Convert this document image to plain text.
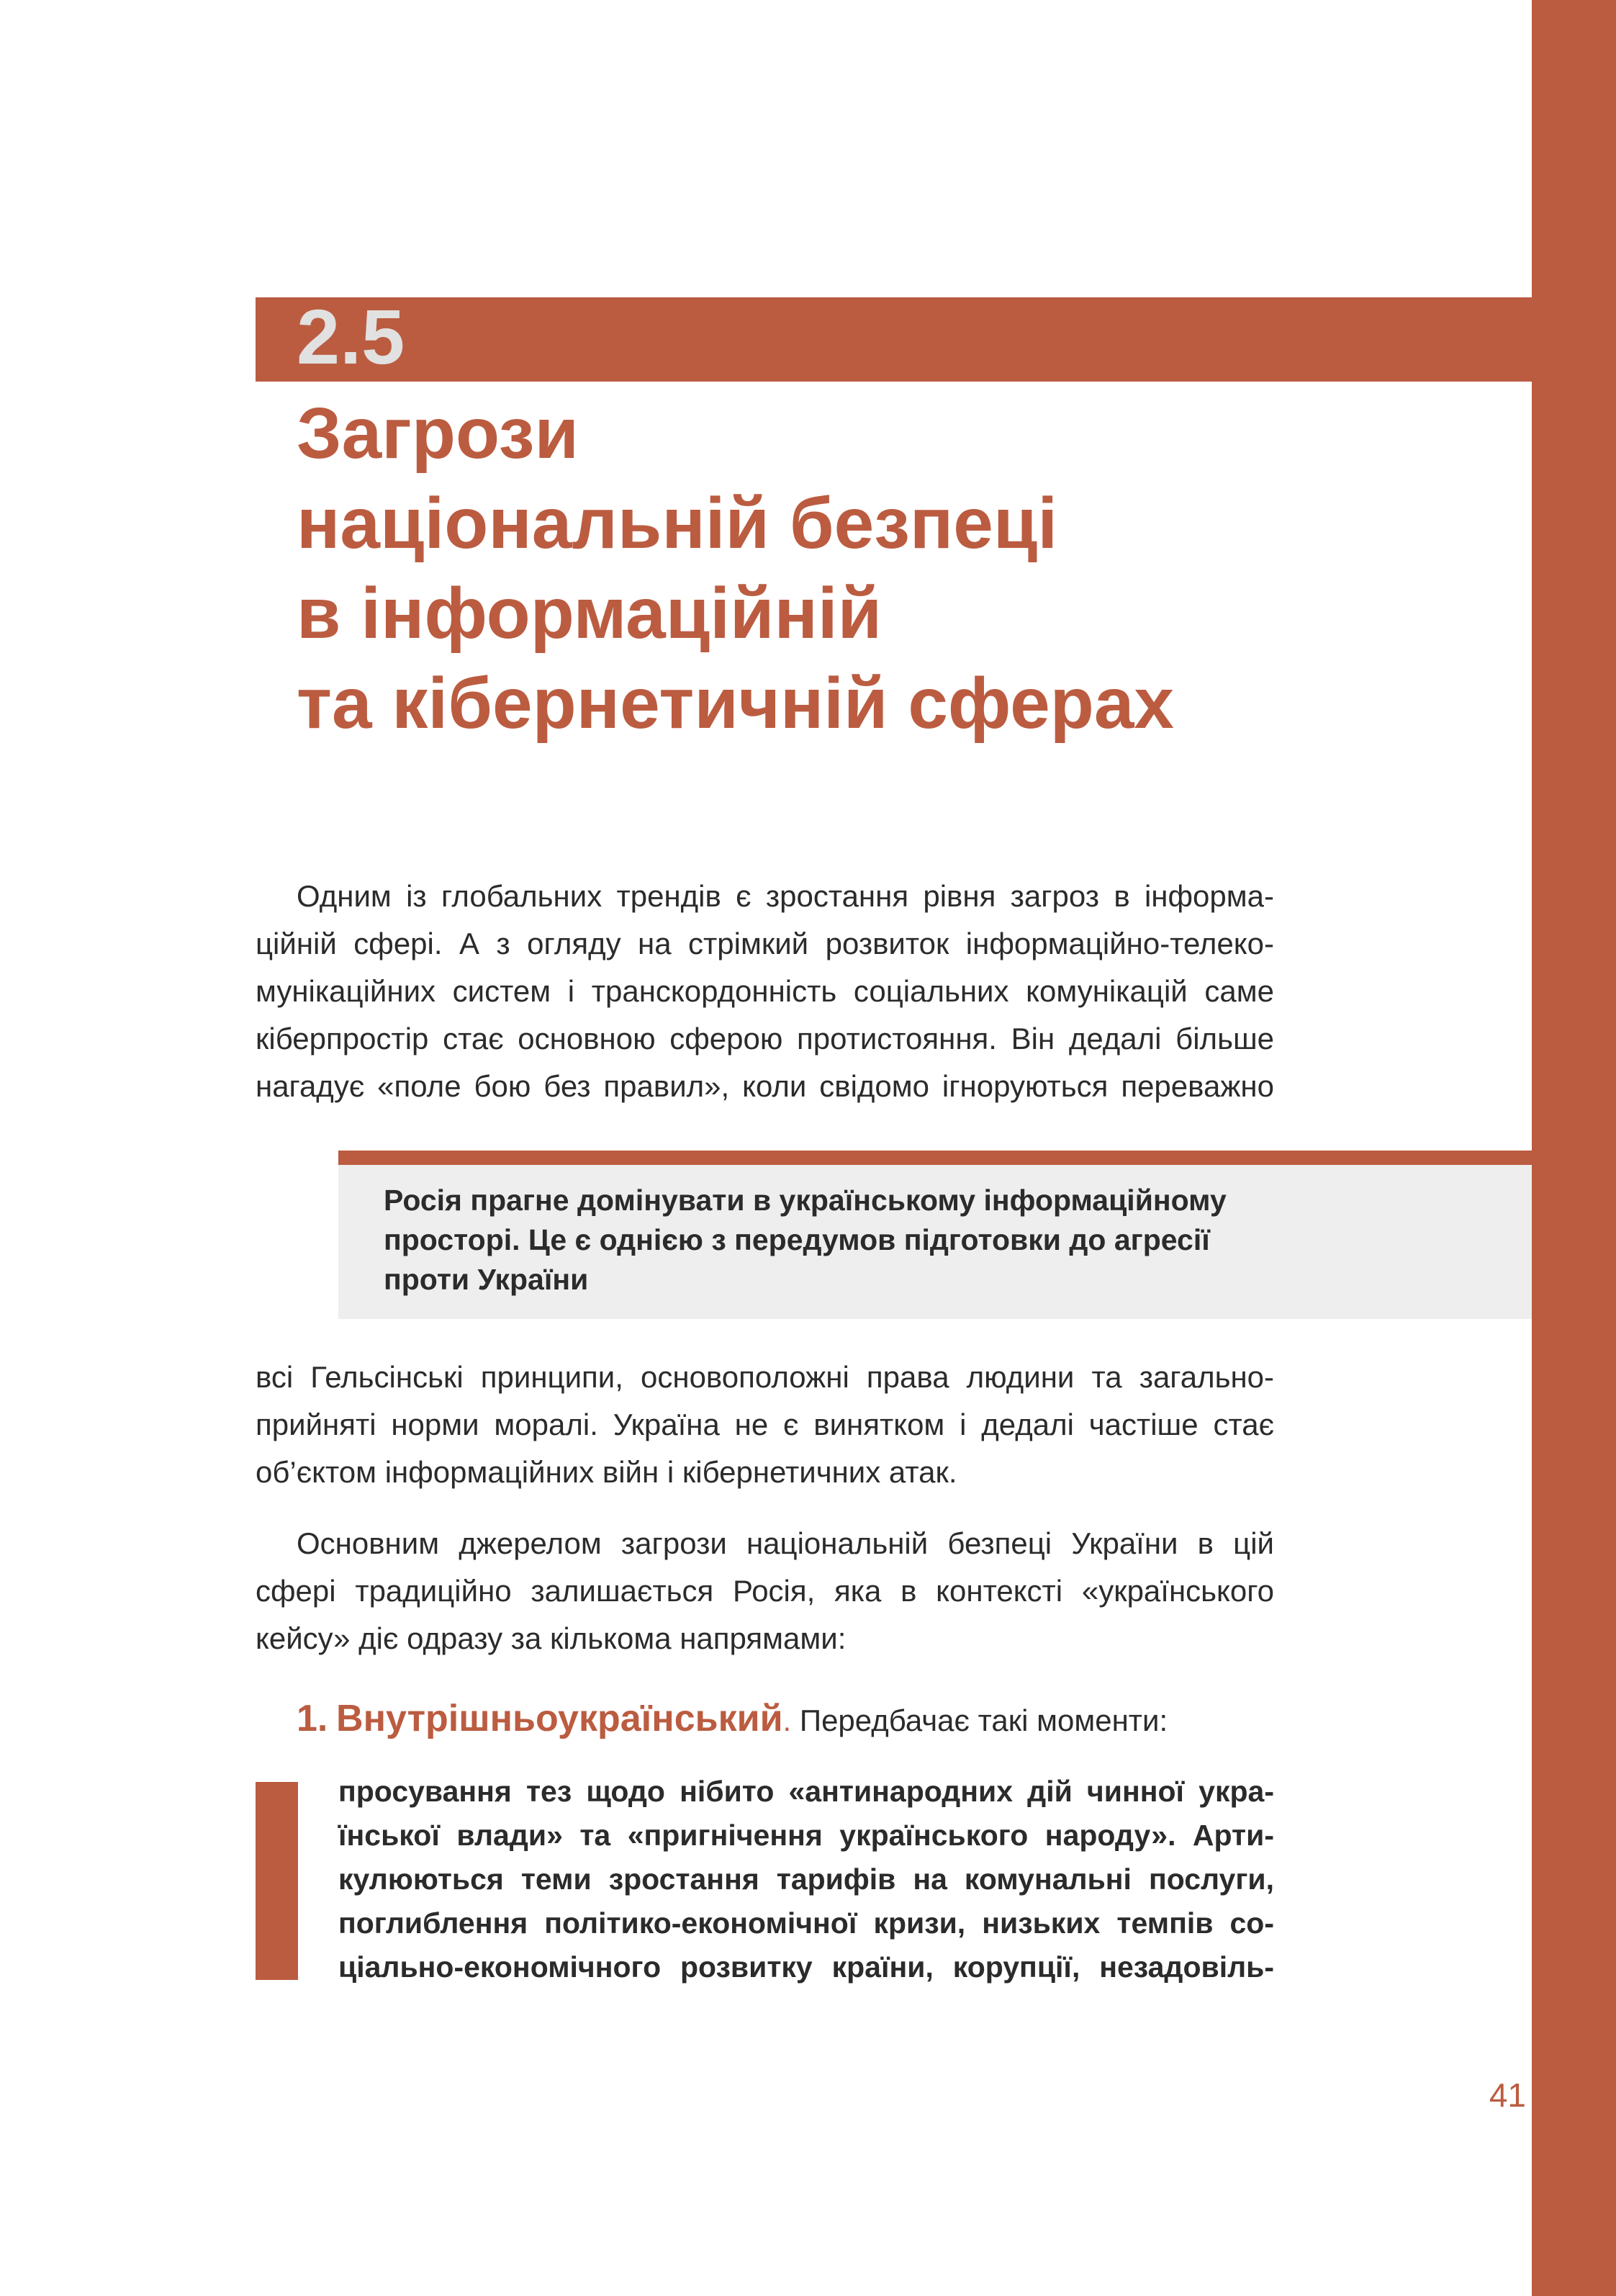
2.5
Загрози
національній безпеці
в інформаційній
та кібернетичній сферах
Одним із глобальних трендів є зростання рівня загроз в інформа-
ційній сфері. А з огляду на стрімкий розвиток інформаційно-телеко-
мунікаційних систем і транскордонність соціальних комунікацій саме
кіберпростір стає основною сферою протистояння. Він дедалі більше
нагадує «поле бою без правил», коли свідомо ігноруються переважно
Росія прагне домінувати в українському інформаційному
просторі. Це є однією з передумов підготовки до агресії
проти України
всі Гельсінські принципи, основоположні права людини та загально-
прийняті норми моралі. Україна не є винятком і дедалі частіше стає
об’єктом інформаційних війн і кібернетичних атак.
Основним джерелом загрози національній безпеці України в цій
сфері традиційно залишається Росія, яка в контексті «українського
кейсу» діє одразу за кількома напрямами:
1. Внутрішньоукраїнський. Передбачає такі моменти:
просування тез щодо нібито «антинародних дій чинної укра-
їнської влади» та «пригнічення українського народу». Арти-
кулюються теми зростання тарифів на комунальні послуги,
поглиблення політико-економічної кризи, низьких темпів со-
ціально-економічного розвитку країни, корупції, незадовіль-
41
